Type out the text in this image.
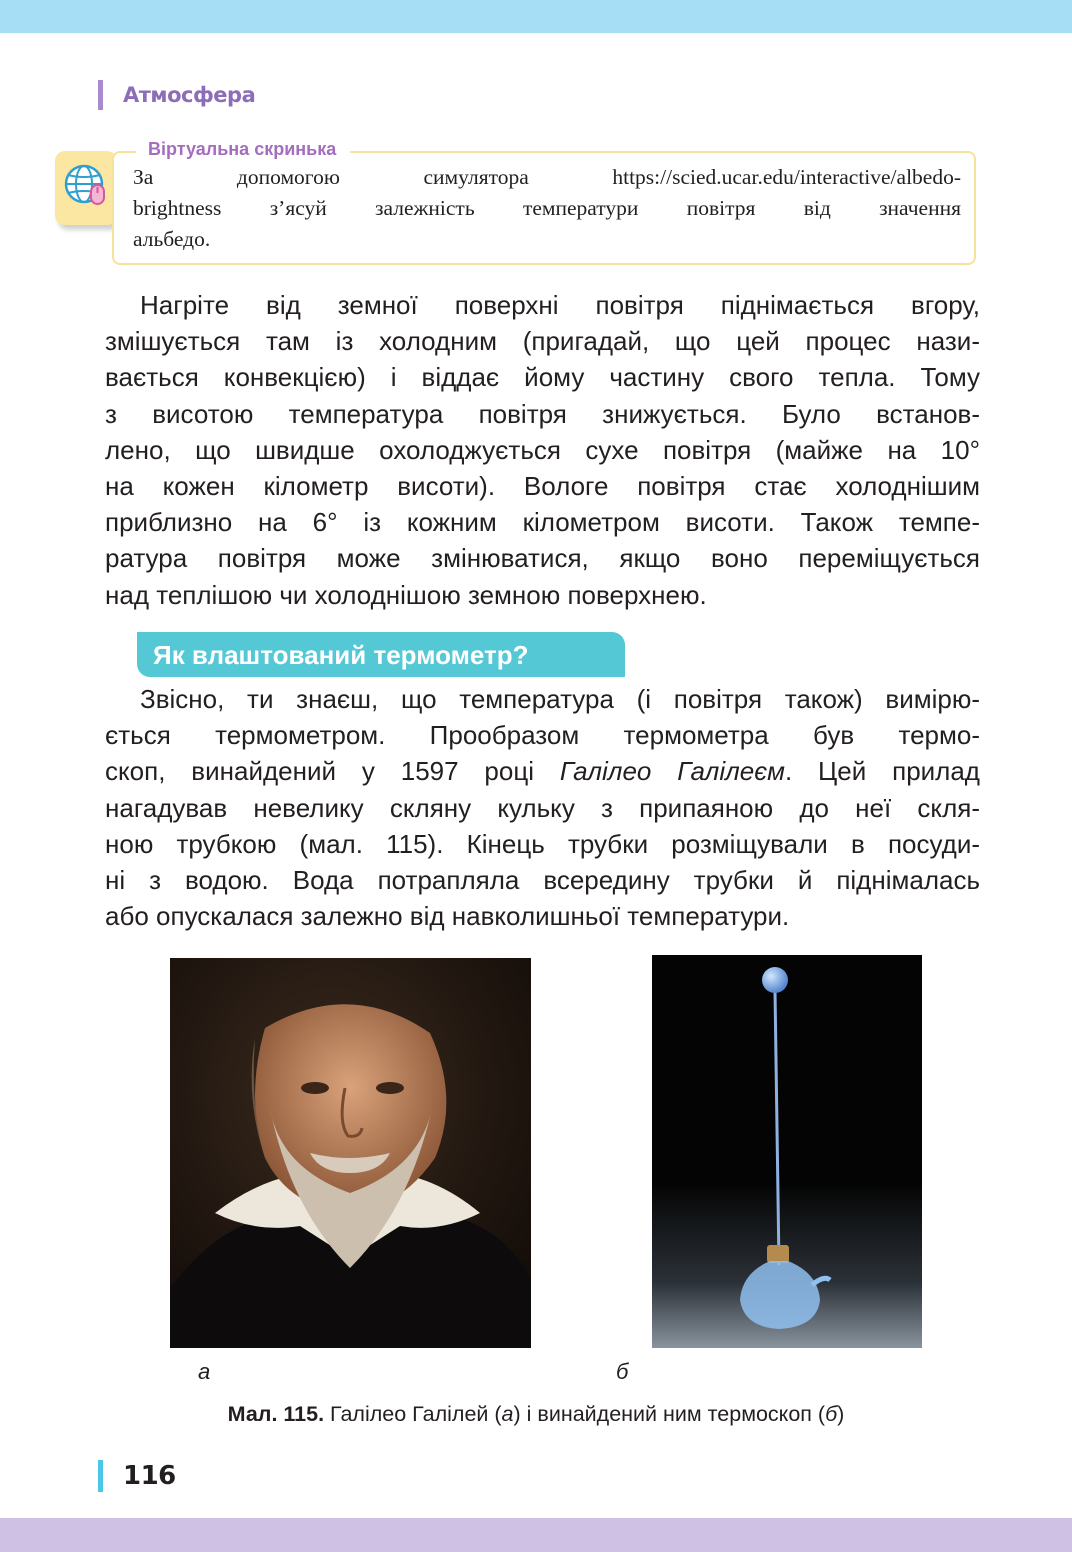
Атмосфера
Віртуальна скринька
За допомогою симулятора https://scied.ucar.edu/interactive/albedo-
brightness з’ясуй залежність температури повітря від значення
альбедо.
Нагріте від земної поверхні повітря піднімається вгору,
змішується там із холодним (пригадай, що цей процес нази-
вається конвекцією) і віддає йому частину свого тепла. Тому
з висотою температура повітря знижується. Було встанов-
лено, що швидше охолоджується сухе повітря (майже на 10°
на кожен кілометр висоти). Вологе повітря стає холоднішим
приблизно на 6° із кожним кілометром висоти. Також темпе-
ратура повітря може змінюватися, якщо воно переміщується
над теплішою чи холоднішою земною поверхнею.
Як влаштований термометр?
Звісно, ти знаєш, що температура (і повітря також) вимірю-
ється термометром. Прообразом термометра був термо-
скоп, винайдений у 1597 році Галілео Галілеєм. Цей прилад
нагадував невелику скляну кульку з припаяною до неї скля-
ною трубкою (мал. 115). Кінець трубки розміщували в посуди-
ні з водою. Вода потрапляла всередину трубки й піднімалась
або опускалася залежно від навколишньої температури.
а	б
Мал. 115. Галілео Галілей (а) і винайдений ним термоскоп (б)
116
